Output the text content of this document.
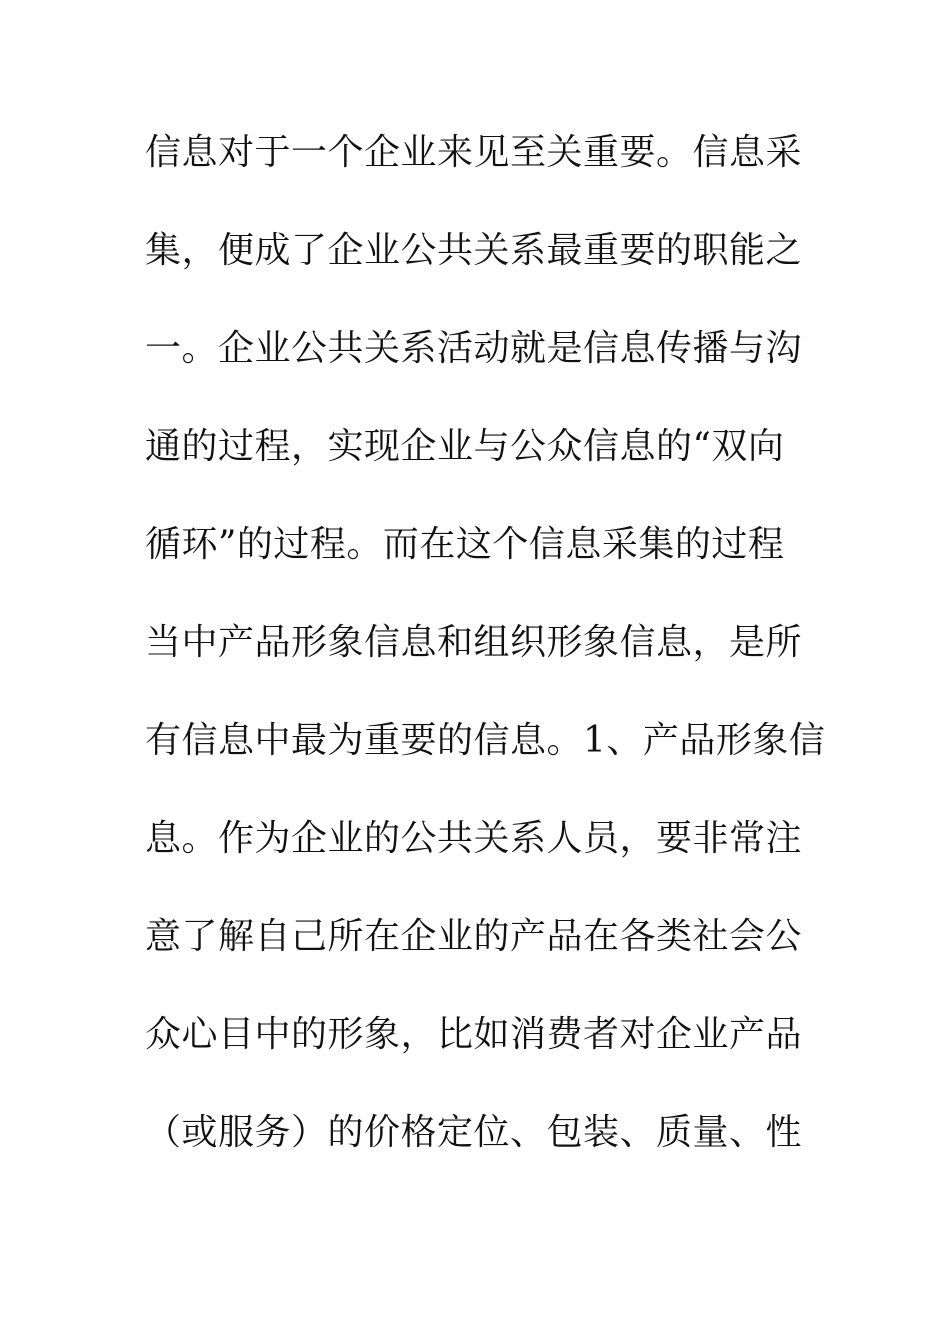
信息对于一个企业来见至关重要。信息采
集，便成了企业公共关系最重要的职能之
一。企业公共关系活动就是信息传播与沟
通的过程，实现企业与公众信息的“双向
循环”的过程。而在这个信息采集的过程
当中产品形象信息和组织形象信息，是所
有信息中最为重要的信息。1、产品形象信
息。作为企业的公共关系人员，要非常注
意了解自己所在企业的产品在各类社会公
众心目中的形象，比如消费者对企业产品
（或服务）的价格定位、包装、质量、性
